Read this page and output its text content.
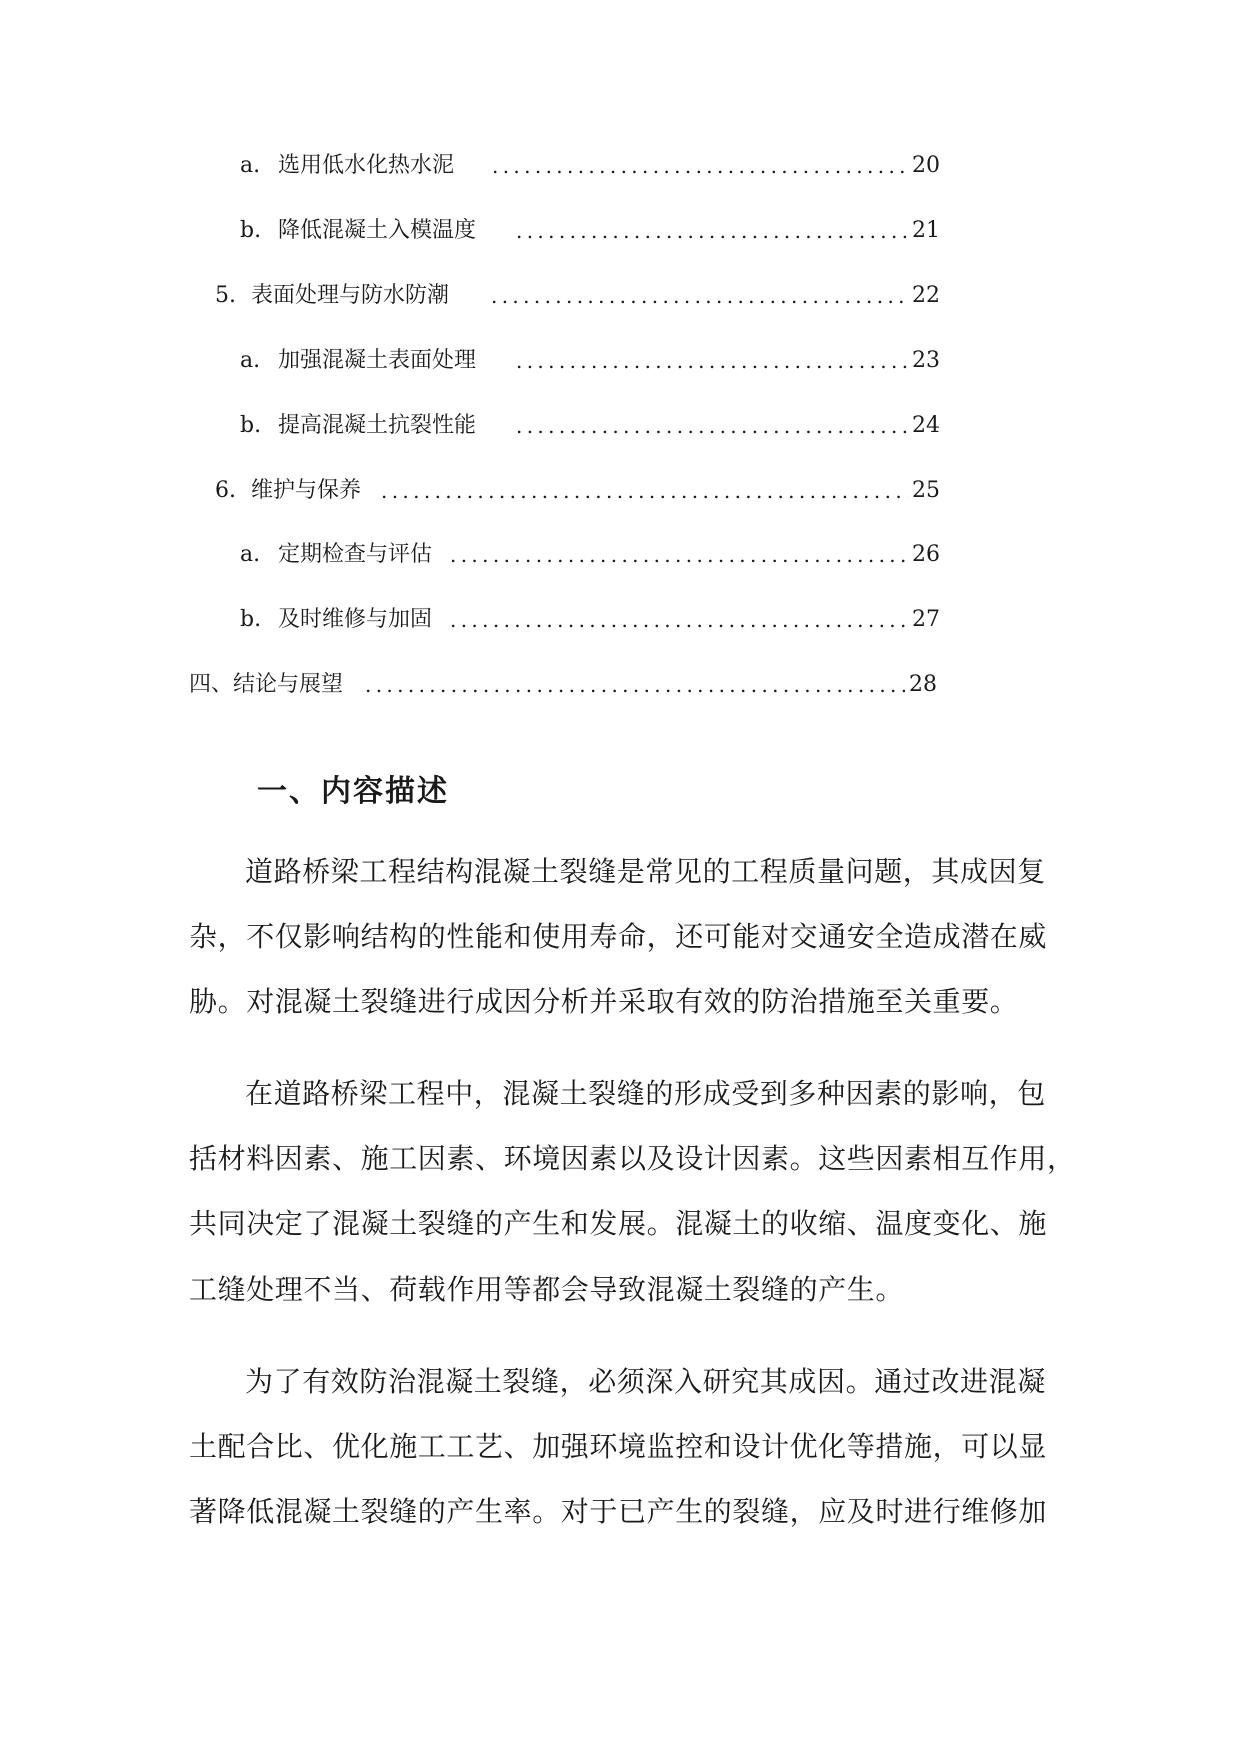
a. 选用低水化热水泥 . . .	20
b. 降低混凝土入模温度 . . .	21
5. 表面处理与防水防潮 . . .	22
a. 加强混凝土表面处理 . . .	23
b. 提高混凝土抗裂性能 . . .	24
6. 维护与保养 . . .	25
a. 定期检查与评估 . . .	26
b. 及时维修与加固 . . .	27
四、结论与展望 . . .	28
一、内容描述
道路桥梁工程结构混凝土裂缝是常见的工程质量问题，其成因复
杂，不仅影响结构的性能和使用寿命，还可能对交通安全造成潜在威
胁。对混凝土裂缝进行成因分析并采取有效的防治措施至关重要。
在道路桥梁工程中，混凝土裂缝的形成受到多种因素的影响，包
括材料因素、施工因素、环境因素以及设计因素。这些因素相互作用，
共同决定了混凝土裂缝的产生和发展。混凝土的收缩、温度变化、施
工缝处理不当、荷载作用等都会导致混凝土裂缝的产生。
为了有效防治混凝土裂缝，必须深入研究其成因。通过改进混凝
土配合比、优化施工工艺、加强环境监控和设计优化等措施，可以显
著降低混凝土裂缝的产生率。对于已产生的裂缝，应及时进行维修加
